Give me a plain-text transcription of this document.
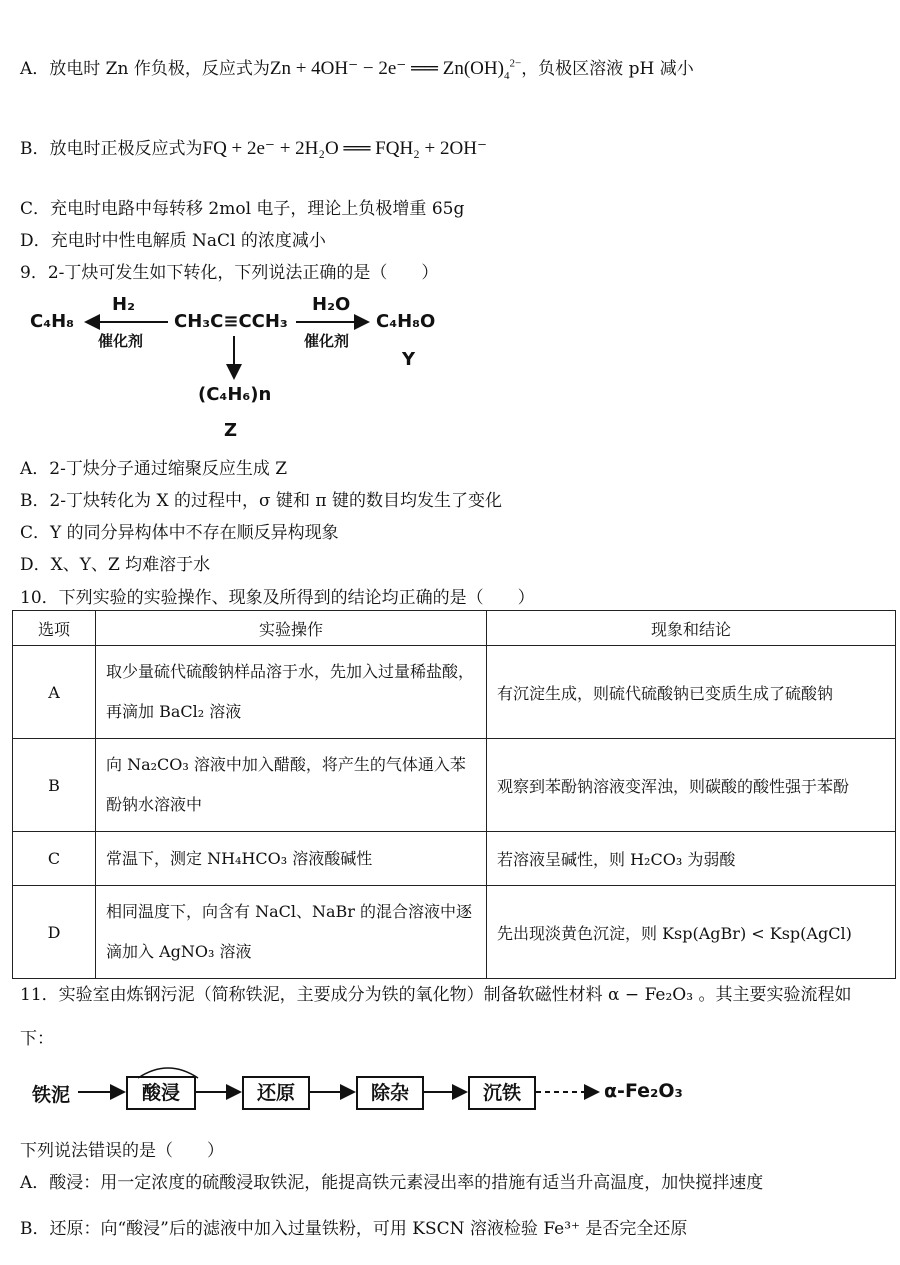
A．放电时 Zn 作负极，反应式为Zn + 4OH⁻ − 2e⁻ ══ $Zn(OH)_4^{2-}$，负极区溶液 pH 减小
B．放电时正极反应式为FQ + 2e⁻ + 2H₂O ══ FQH₂ + 2OH⁻
C．充电时电路中每转移 2mol 电子，理论上负极增重 65g
D．充电时中性电解质 NaCl 的浓度减小
9．2-丁炔可发生如下转化，下列说法正确的是（　　）
C₄H₈
H₂
催化剂
CH₃C≡CCH₃
H₂O
催化剂
C₄H₈O
Y
(C₄H₆)n
Z
A．2-丁炔分子通过缩聚反应生成 Z
B．2-丁炔转化为 X 的过程中，σ 键和 π 键的数目均发生了变化
C．Y 的同分异构体中不存在顺反异构现象
D．X、Y、Z 均难溶于水
10．下列实验的实验操作、现象及所得到的结论均正确的是（　　）
选项	实验操作	现象和结论
A	取少量硫代硫酸钠样品溶于水，先加入过量稀盐酸，再滴加 BaCl₂ 溶液	有沉淀生成，则硫代硫酸钠已变质生成了硫酸钠
B	向 Na₂CO₃ 溶液中加入醋酸，将产生的气体通入苯酚钠水溶液中	观察到苯酚钠溶液变浑浊，则碳酸的酸性强于苯酚
C	常温下，测定 NH₄HCO₃ 溶液酸碱性	若溶液呈碱性，则 H₂CO₃ 为弱酸
D	相同温度下，向含有 NaCl、NaBr 的混合溶液中逐滴加入 AgNO₃ 溶液	先出现淡黄色沉淀，则 Ksp(AgBr) < Ksp(AgCl)
11．实验室由炼钢污泥（简称铁泥，主要成分为铁的氧化物）制备软磁性材料 α − Fe₂O₃ 。其主要实验流程如
下：
铁泥	酸浸	还原	除杂	沉铁	α-Fe₂O₃
下列说法错误的是（　　）
A．酸浸：用一定浓度的硫酸浸取铁泥，能提高铁元素浸出率的措施有适当升高温度，加快搅拌速度
B．还原：向“酸浸”后的滤液中加入过量铁粉，可用 KSCN 溶液检验 Fe³⁺ 是否完全还原
